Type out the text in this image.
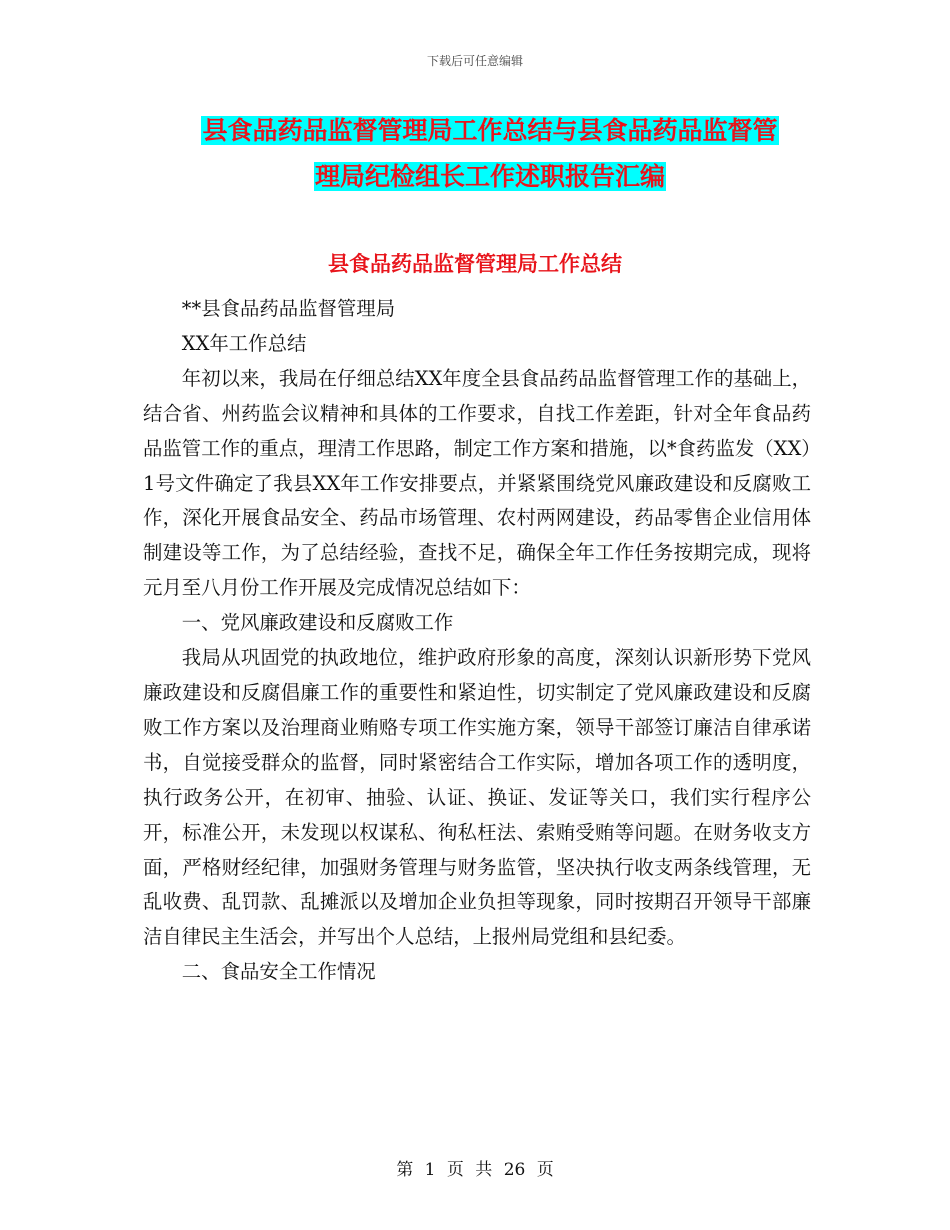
下载后可任意编辑
县食品药品监督管理局工作总结与县食品药品监督管
理局纪检组长工作述职报告汇编
县食品药品监督管理局工作总结

**县食品药品监督管理局

XX年工作总结

年初以来，我局在仔细总结XX年度全县食品药品监督管理工作的基础上，结合省、州药监会议精神和具体的工作要求，自找工作差距，针对全年食品药品监管工作的重点，理清工作思路，制定工作方案和措施，以*食药监发（XX）1号文件确定了我县XX年工作安排要点，并紧紧围绕党风廉政建设和反腐败工作，深化开展食品安全、药品市场管理、农村两网建设，药品零售企业信用体制建设等工作，为了总结经验，查找不足，确保全年工作任务按期完成，现将元月至八月份工作开展及完成情况总结如下：

一、党风廉政建设和反腐败工作

我局从巩固党的执政地位，维护政府形象的高度，深刻认识新形势下党风廉政建设和反腐倡廉工作的重要性和紧迫性，切实制定了党风廉政建设和反腐败工作方案以及治理商业贿赂专项工作实施方案，领导干部签订廉洁自律承诺书，自觉接受群众的监督，同时紧密结合工作实际，增加各项工作的透明度，执行政务公开，在初审、抽验、认证、换证、发证等关口，我们实行程序公开，标准公开，未发现以权谋私、徇私枉法、索贿受贿等问题。在财务收支方面，严格财经纪律，加强财务管理与财务监管，坚决执行收支两条线管理，无乱收费、乱罚款、乱摊派以及增加企业负担等现象，同时按期召开领导干部廉洁自律民主生活会，并写出个人总结，上报州局党组和县纪委。

二、食品安全工作情况

第 1 页 共 26 页
